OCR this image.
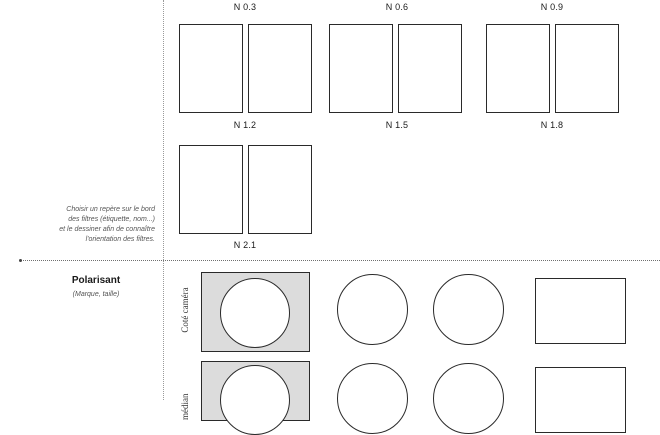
N 0.3	N 0.6	N 0.9
N 1.2	N 1.5	N 1.8
N 2.1
Choisir un repère sur le bord
des filtres (étiquette, nom...)
et le dessiner afin de connaître
l'orientation des filtres.
Polarisant
(Marque, taille)	Coté caméra
médian
